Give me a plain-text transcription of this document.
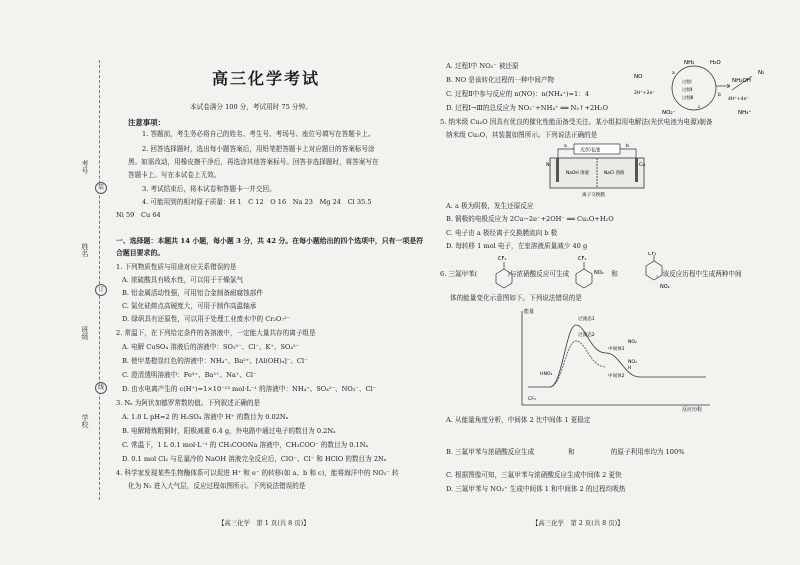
考号
姓名
班级
学校
装
订
线
高三化学考试
本试卷满分 100 分，考试用时 75 分钟。
注意事项：
1. 答题前，考生务必将自己的姓名、考生号、考场号、座位号填写在答题卡上。
2. 回答选择题时，选出每小题答案后，用铅笔把答题卡上对应题目的答案标号涂
黑。如需改动，用橡皮擦干净后，再选涂其他答案标号。回答非选择题时，将答案写在
答题卡上。写在本试卷上无效。
3. 考试结束后，将本试卷和答题卡一并交回。
4. 可能用到的相对原子质量：H 1　C 12　O 16　Na 23　Mg 24　Cl 35.5
Ni 59　Cu 64
一、选择题：本题共 14 小题，每小题 3 分，共 42 分。在每小题给出的四个选项中，只有一项是符
合题目要求的。
1. 下列物质性质与用途对应关系错误的是
A. 浓硫酸具有吸水性，可以用于干燥氯气
B. 铝金属活动性强，可用铝合金制备耐腐蚀部件
C. 氮化硅熔点高硬度大，可用于制作高温轴承
D. 绿矾具有还原性，可以用于处理工业废水中的 Cr₂O₇²⁻
2. 常温下，在下列给定条件的各溶液中，一定能大量共存的离子组是
A. 电解 CuSO₄ 溶液后的溶液中：SO₃²⁻、Cl⁻、K⁺、SO₄²⁻
B. 使甲基橙显红色的溶液中：NH₄⁺、Ba²⁺、[Al(OH)₄]⁻、Cl⁻
C. 澄清透明溶液中：Fe³⁺、Ba²⁺、Na⁺、Cl⁻
D. 由水电离产生的 c(H⁺)=1×10⁻¹³ mol·L⁻¹ 的溶液中：NH₄⁺、SO₄²⁻、NO₃⁻、Cl⁻
3. Nₐ 为阿伏加德罗常数的值。下列叙述正确的是
A. 1.0 L pH=2 的 H₂SO₄ 溶液中 H⁺ 的数目为 0.02Nₐ
B. 电解精炼粗铜时，阳极减重 6.4 g，外电路中通过电子的数目为 0.2Nₐ
C. 常温下，1 L 0.1 mol·L⁻¹ 的 CH₃COONa 溶液中，CH₃COO⁻ 的数目为 0.1Nₐ
D. 0.1 mol Cl₂ 与足量冷的 NaOH 溶液完全反应后，ClO⁻、Cl⁻ 和 HClO 的数目为 2Nₐ
4. 科学家发现某些生物酶体系可以促进 H⁺ 和 e⁻ 的转移(如 a、b 和 c)，能将海洋中的 NO₂⁻ 转
化为 N₂ 进入大气层，反应过程如图所示。下列说法错误的是
【高三化学　第 1 页(共 8 页)】
A. 过程Ⅰ中 NO₂⁻ 被还原
B. NO 是该转化过程的一种中间产物
C. 过程Ⅱ中参与反应的 n(NO)：n(NH₄⁺)=1：4
D. 过程Ⅰ→Ⅲ的总反应为 NO₂⁻+NH₄⁺ ══ N₂↑+2H₂O
NH₂	H₂O
NO
NH₂OH
N₂
2H⁺+2e⁻
4H⁺+4e⁻
NO₂⁻	NH₄⁺
过程Ⅰ
过程Ⅱ
过程Ⅲ
a
b
c
5. 纳米级 Cu₂O 因具有优良的催化性能而备受关注。某小组拟用电解法(光伏电池为电源)制备
纳米级 Cu₂O，其装置如图所示。下列说法正确的是
光伏电池
a	b
Ni	Cu
NaOH 溶液	NaCl 溶液
离子交换膜
A. a 极为阴极，发生还原反应
B. 铜极的电极反应为 2Cu−2e⁻+2OH⁻ ══ Cu₂O+H₂O
C. 电子由 a 极经离子交换膜流向 b 极
D. 每转移 1 mol 电子，左室溶液质量减少 40 g
6. 三氟甲苯(	)与浓硝酸反应可生成	和	，该反应历程中生成两种中间
CF₃	CF₃
NO₂
CF₃
NO₂
体的能量变化示意图如下。下列说法错误的是
能量
反应历程
过渡态1
过渡态2
中间体1
中间体2
HNO₃
CF₃
NO₂
NO₂
H
A. 从能量角度分析，中间体 2 比中间体 1 更稳定
B. 三氟甲苯与浓硝酸反应生成	和	的原子利用率均为 100%
C. 根据图像可知，三氟甲苯与浓硝酸反应生成中间体 2 更快
D. 三氟甲苯与 NO₂⁺ 生成中间体 1 和中间体 2 的过程均吸热
【高三化学　第 2 页(共 8 页)】
